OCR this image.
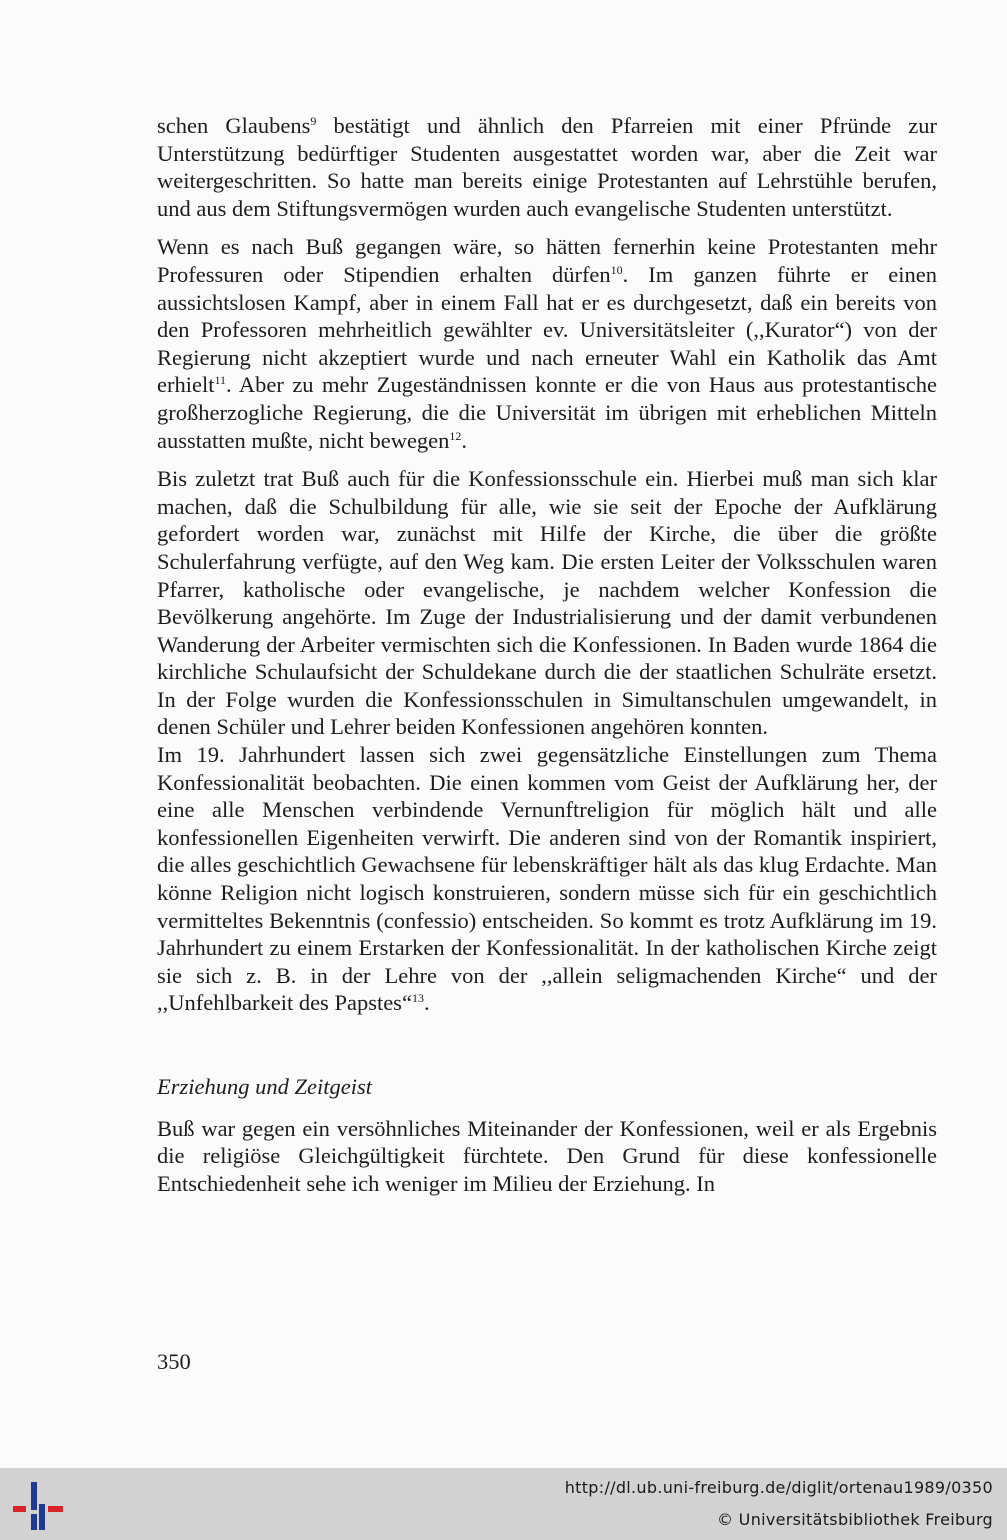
schen Glaubens$^9$ bestätigt und ähnlich den Pfarreien mit einer Pfründe zur Unterstützung bedürftiger Studenten ausgestattet worden war, aber die Zeit war weitergeschritten. So hatte man bereits einige Protestanten auf Lehrstühle berufen, und aus dem Stiftungsvermögen wurden auch evangelische Studenten unterstützt.

Wenn es nach Buß gegangen wäre, so hätten fernerhin keine Protestanten mehr Professuren oder Stipendien erhalten dürfen$^{10}$. Im ganzen führte er einen aussichtslosen Kampf, aber in einem Fall hat er es durchgesetzt, daß ein bereits von den Professoren mehrheitlich gewählter ev. Universitätsleiter (,,Kurator“) von der Regierung nicht akzeptiert wurde und nach erneuter Wahl ein Katholik das Amt erhielt$^{11}$. Aber zu mehr Zugeständnissen konnte er die von Haus aus protestantische großherzogliche Regierung, die die Universität im übrigen mit erheblichen Mitteln ausstatten mußte, nicht bewegen$^{12}$.

Bis zuletzt trat Buß auch für die Konfessionsschule ein. Hierbei muß man sich klar machen, daß die Schulbildung für alle, wie sie seit der Epoche der Aufklärung gefordert worden war, zunächst mit Hilfe der Kirche, die über die größte Schulerfahrung verfügte, auf den Weg kam. Die ersten Leiter der Volksschulen waren Pfarrer, katholische oder evangelische, je nachdem welcher Konfession die Bevölkerung angehörte. Im Zuge der Industrialisierung und der damit verbundenen Wanderung der Arbeiter vermischten sich die Konfessionen. In Baden wurde 1864 die kirchliche Schulaufsicht der Schuldekane durch die der staatlichen Schulräte ersetzt. In der Folge wurden die Konfessionsschulen in Simultanschulen umgewandelt, in denen Schüler und Lehrer beiden Konfessionen angehören konnten.

Im 19. Jahrhundert lassen sich zwei gegensätzliche Einstellungen zum Thema Konfessionalität beobachten. Die einen kommen vom Geist der Aufklärung her, der eine alle Menschen verbindende Vernunftreligion für möglich hält und alle konfessionellen Eigenheiten verwirft. Die anderen sind von der Romantik inspiriert, die alles geschichtlich Gewachsene für lebenskräftiger hält als das klug Erdachte. Man könne Religion nicht logisch konstruieren, sondern müsse sich für ein geschichtlich vermitteltes Bekenntnis (confessio) entscheiden. So kommt es trotz Aufklärung im 19. Jahrhundert zu einem Erstarken der Konfessionalität. In der katholischen Kirche zeigt sie sich z. B. in der Lehre von der ,,allein seligmachenden Kirche“ und der ,,Unfehlbarkeit des Papstes“$^{13}$.

Erziehung und Zeitgeist

Buß war gegen ein versöhnliches Miteinander der Konfessionen, weil er als Ergebnis die religiöse Gleichgültigkeit fürchtete. Den Grund für diese konfessionelle Entschiedenheit sehe ich weniger im Milieu der Erziehung. In

350
http://dl.ub.uni-freiburg.de/diglit/ortenau1989/0350
© Universitätsbibliothek Freiburg
